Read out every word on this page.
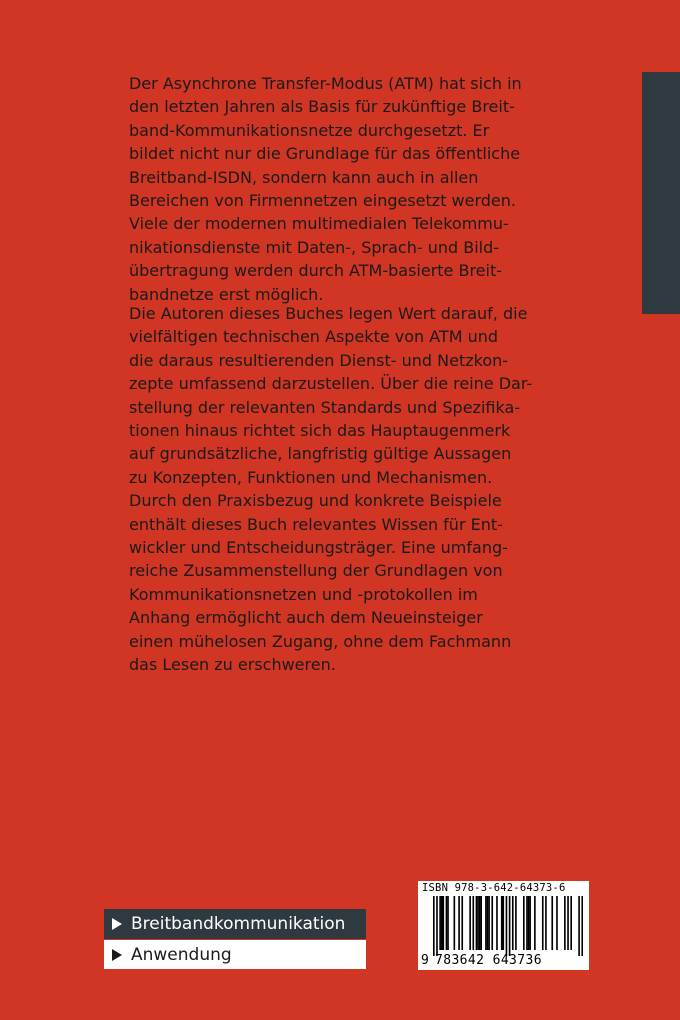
Der Asynchrone Transfer-Modus (ATM) hat sich in
den letzten Jahren als Basis für zukünftige Breit-
band-Kommunikationsnetze durchgesetzt. Er
bildet nicht nur die Grundlage für das öffentliche
Breitband-ISDN, sondern kann auch in allen
Bereichen von Firmennetzen eingesetzt werden.
Viele der modernen multimedialen Telekommu-
nikationsdienste mit Daten-, Sprach- und Bild-
übertragung werden durch ATM-basierte Breit-
bandnetze erst möglich.

Die Autoren dieses Buches legen Wert darauf, die
vielfältigen technischen Aspekte von ATM und
die daraus resultierenden Dienst- und Netzkon-
zepte umfassend darzustellen. Über die reine Dar-
stellung der relevanten Standards und Spezifika-
tionen hinaus richtet sich das Hauptaugenmerk
auf grundsätzliche, langfristig gültige Aussagen
zu Konzepten, Funktionen und Mechanismen.
Durch den Praxisbezug und konkrete Beispiele
enthält dieses Buch relevantes Wissen für Ent-
wickler und Entscheidungsträger. Eine umfang-
reiche Zusammenstellung der Grundlagen von
Kommunikationsnetzen und -protokollen im
Anhang ermöglicht auch dem Neueinsteiger
einen mühelosen Zugang, ohne dem Fachmann
das Lesen zu erschweren.

Breitbandkommunikation
Anwendung
ISBN 978-3-642-64373-6
9 783642 643736
